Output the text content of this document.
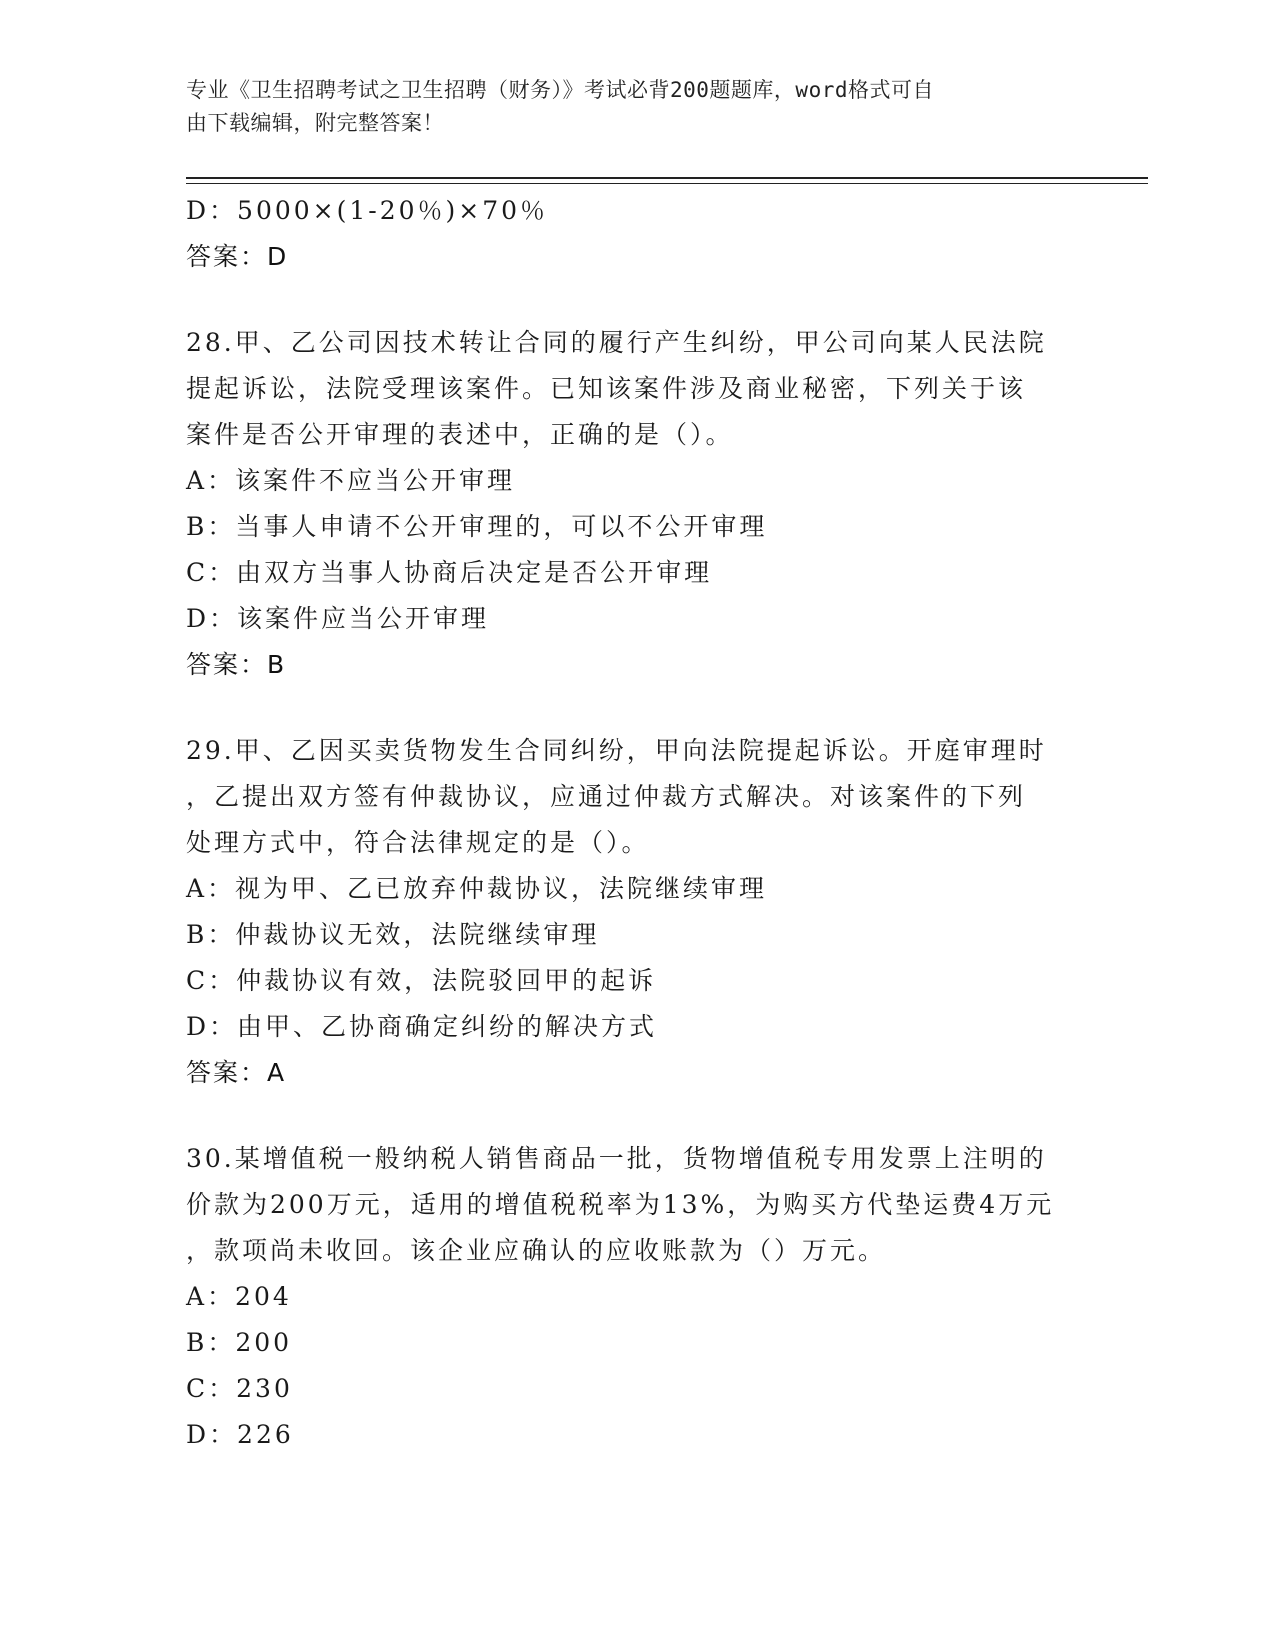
专业《卫生招聘考试之卫生招聘（财务）》考试必背200题题库，word格式可自
由下载编辑，附完整答案！

D：5000×(1-20％)×70％

答案：D

28.甲、乙公司因技术转让合同的履行产生纠纷，甲公司向某人民法院

提起诉讼，法院受理该案件。已知该案件涉及商业秘密，下列关于该

案件是否公开审理的表述中，正确的是（）。

A：该案件不应当公开审理

B：当事人申请不公开审理的，可以不公开审理

C：由双方当事人协商后决定是否公开审理

D：该案件应当公开审理

答案：B

29.甲、乙因买卖货物发生合同纠纷，甲向法院提起诉讼。开庭审理时

，乙提出双方签有仲裁协议，应通过仲裁方式解决。对该案件的下列

处理方式中，符合法律规定的是（）。

A：视为甲、乙已放弃仲裁协议，法院继续审理

B：仲裁协议无效，法院继续审理

C：仲裁协议有效，法院驳回甲的起诉

D：由甲、乙协商确定纠纷的解决方式

答案：A

30.某增值税一般纳税人销售商品一批，货物增值税专用发票上注明的

价款为200万元，适用的增值税税率为13%，为购买方代垫运费4万元

，款项尚未收回。该企业应确认的应收账款为（）万元。

A：204

B：200

C：230

D：226
